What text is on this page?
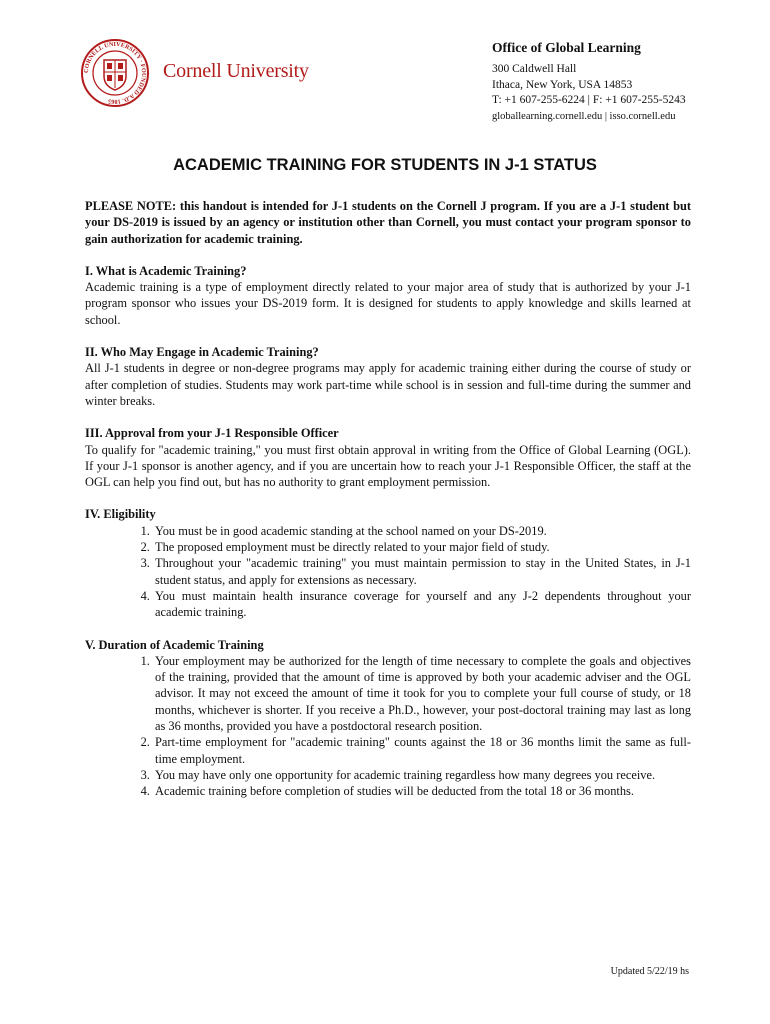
CORNELL UNIVERSITY · FOUNDED A.D. 1865
Cornell University
Office of Global Learning
300 Caldwell Hall
Ithaca, New York, USA 14853
T: +1 607-255-6224 | F: +1 607-255-5243
globallearning.cornell.edu | isso.cornell.edu
ACADEMIC TRAINING FOR STUDENTS IN J-1 STATUS

PLEASE NOTE: this handout is intended for J-1 students on the Cornell J program. If you are a J-1 student but your DS-2019 is issued by an agency or institution other than Cornell, you must contact your program sponsor to gain authorization for academic training.

I. What is Academic Training?

Academic training is a type of employment directly related to your major area of study that is authorized by your J-1 program sponsor who issues your DS-2019 form. It is designed for students to apply knowledge and skills learned at school.

II. Who May Engage in Academic Training?

All J-1 students in degree or non-degree programs may apply for academic training either during the course of study or after completion of studies. Students may work part-time while school is in session and full-time during the summer and winter breaks.

III. Approval from your J-1 Responsible Officer

To qualify for "academic training," you must first obtain approval in writing from the Office of Global Learning (OGL). If your J-1 sponsor is another agency, and if you are uncertain how to reach your J-1 Responsible Officer, the staff at the OGL can help you find out, but has no authority to grant employment permission.

IV. Eligibility
1. You must be in good academic standing at the school named on your DS-2019.
2. The proposed employment must be directly related to your major field of study.
3. Throughout your "academic training" you must maintain permission to stay in the United States, in J-1 student status, and apply for extensions as necessary.
4. You must maintain health insurance coverage for yourself and any J-2 dependents throughout your academic training.
V. Duration of Academic Training
1. Your employment may be authorized for the length of time necessary to complete the goals and objectives of the training, provided that the amount of time is approved by both your academic adviser and the OGL advisor. It may not exceed the amount of time it took for you to complete your full course of study, or 18 months, whichever is shorter. If you receive a Ph.D., however, your post-doctoral training may last as long as 36 months, provided you have a postdoctoral research position.
2. Part-time employment for "academic training" counts against the 18 or 36 months limit the same as full-time employment.
3. You may have only one opportunity for academic training regardless how many degrees you receive.
4. Academic training before completion of studies will be deducted from the total 18 or 36 months.
Updated 5/22/19 hs
